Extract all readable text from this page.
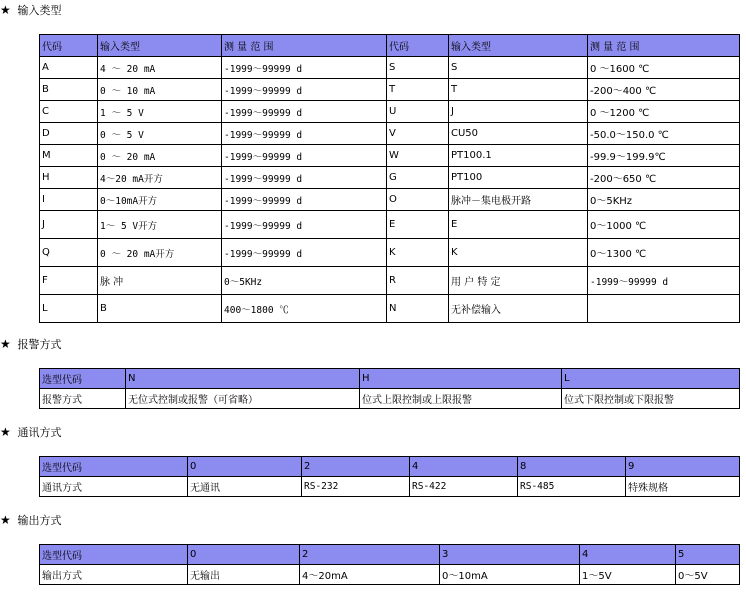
★ 输入类型
代码	输入类型	测 量 范 围	代码	输入类型	测 量 范 围
A	4 ～ 20 mA	-1999～99999 d	S	S	0 ～1600 ℃
B	0 ～ 10 mA	-1999～99999 d	T	T	-200～400 ℃
C	1 ～ 5 V	-1999～99999 d	U	J	0 ～1200 ℃
D	0 ～ 5 V	-1999～99999 d	V	CU50	-50.0～150.0 ℃
M	0 ～ 20 mA	-1999～99999 d	W	PT100.1	-99.9～199.9℃
H	4～20 mA开方	-1999～99999 d	G	PT100	-200～650 ℃
I	0～10mA开方	-1999～99999 d	O	脉冲－集电极开路	0～5KHz
J	1～ 5 V开方	-1999～99999 d	E	E	0～1000 ℃
Q	0 ～ 20 mA开方	-1999～99999 d	K	K	0～1300 ℃
F	脉 冲	0～5KHz	R	用 户 特 定	-1999～99999 d
L	B	400～1800 ℃	N	无补偿输入	
★ 报警方式
选型代码	N	H	L
报警方式	无位式控制或报警（可省略）	位式上限控制或上限报警	位式下限控制或下限报警
★ 通讯方式
选型代码	0	2	4	8	9
通讯方式	无通讯	RS-232	RS-422	RS-485	特殊规格
★ 输出方式
选型代码	0	2	3	4	5
输出方式	无输出	4～20mA	0～10mA	1～5V	0～5V
